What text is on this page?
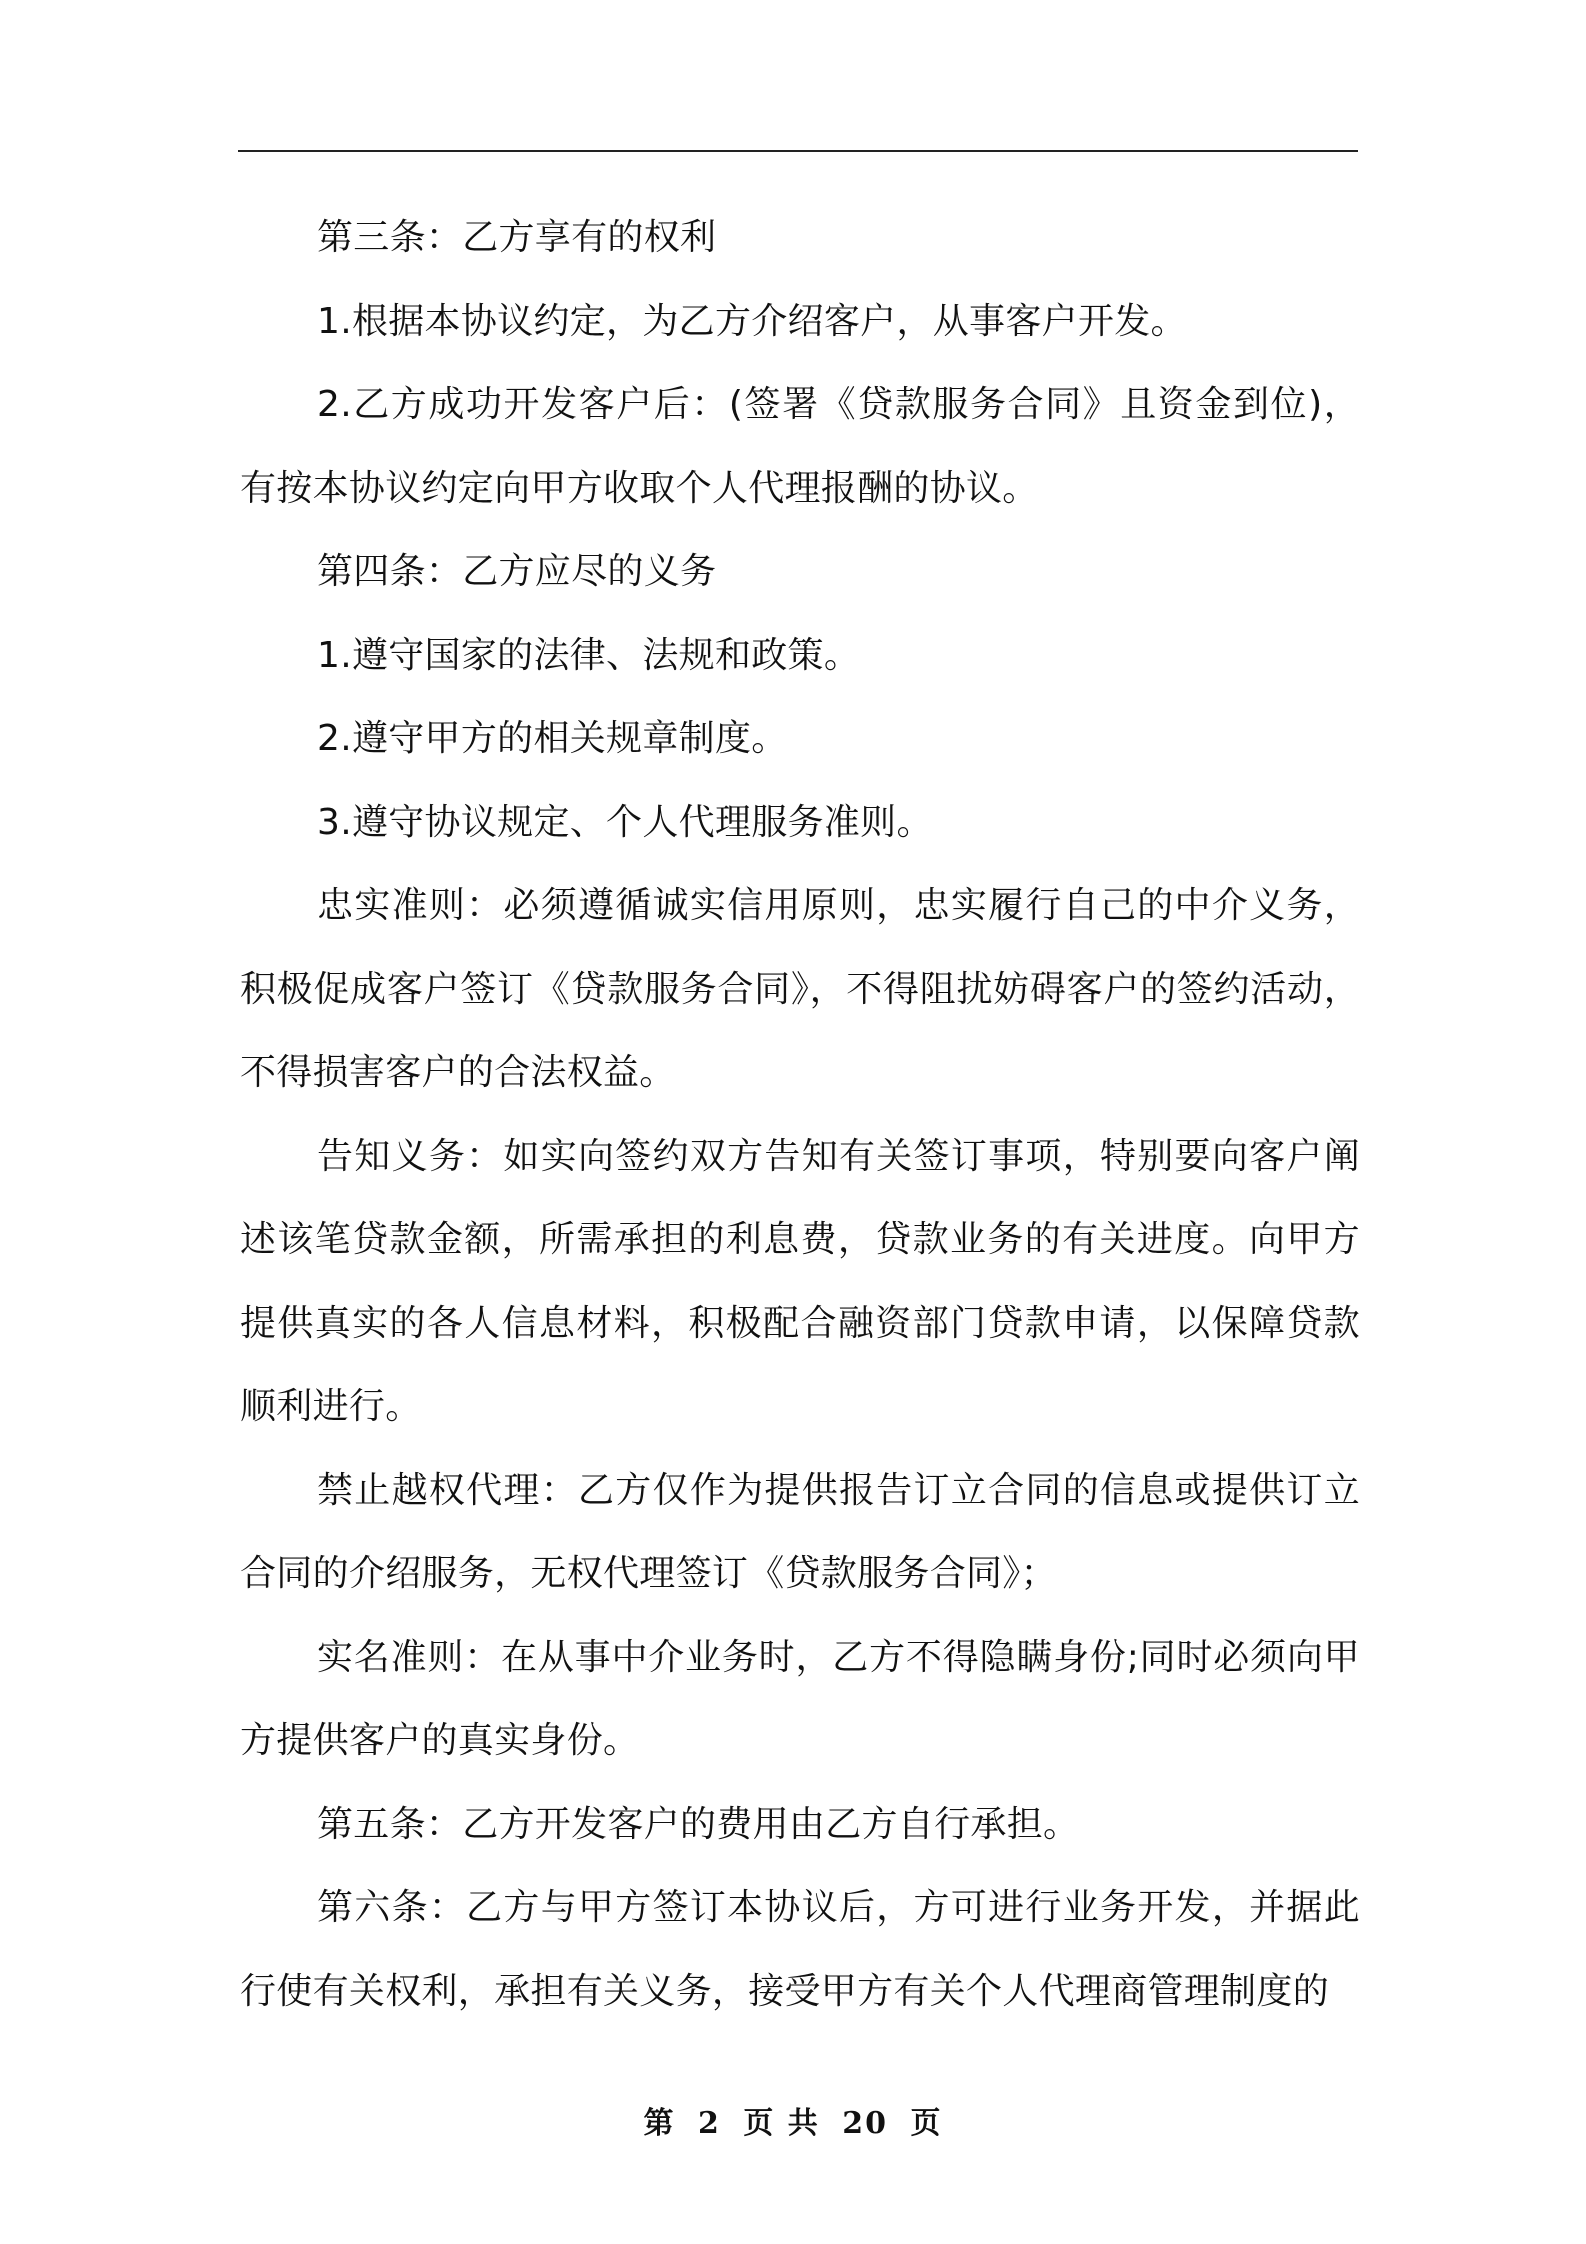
第三条：乙方享有的权利

1.根据本协议约定，为乙方介绍客户，从事客户开发。

2.乙方成功开发客户后：(签署《贷款服务合同》且资金到位)，有按本协议约定向甲方收取个人代理报酬的协议。

第四条：乙方应尽的义务

1.遵守国家的法律、法规和政策。

2.遵守甲方的相关规章制度。

3.遵守协议规定、个人代理服务准则。

忠实准则：必须遵循诚实信用原则，忠实履行自己的中介义务，积极促成客户签订《贷款服务合同》，不得阻扰妨碍客户的签约活动，不得损害客户的合法权益。

告知义务：如实向签约双方告知有关签订事项，特别要向客户阐述该笔贷款金额，所需承担的利息费，贷款业务的有关进度。向甲方提供真实的各人信息材料，积极配合融资部门贷款申请，以保障贷款顺利进行。

禁止越权代理：乙方仅作为提供报告订立合同的信息或提供订立合同的介绍服务，无权代理签订《贷款服务合同》；

实名准则：在从事中介业务时，乙方不得隐瞒身份;同时必须向甲方提供客户的真实身份。

第五条：乙方开发客户的费用由乙方自行承担。

第六条：乙方与甲方签订本协议后，方可进行业务开发，并据此行使有关权利，承担有关义务，接受甲方有关个人代理商管理制度的

第 2 页 共 20 页
